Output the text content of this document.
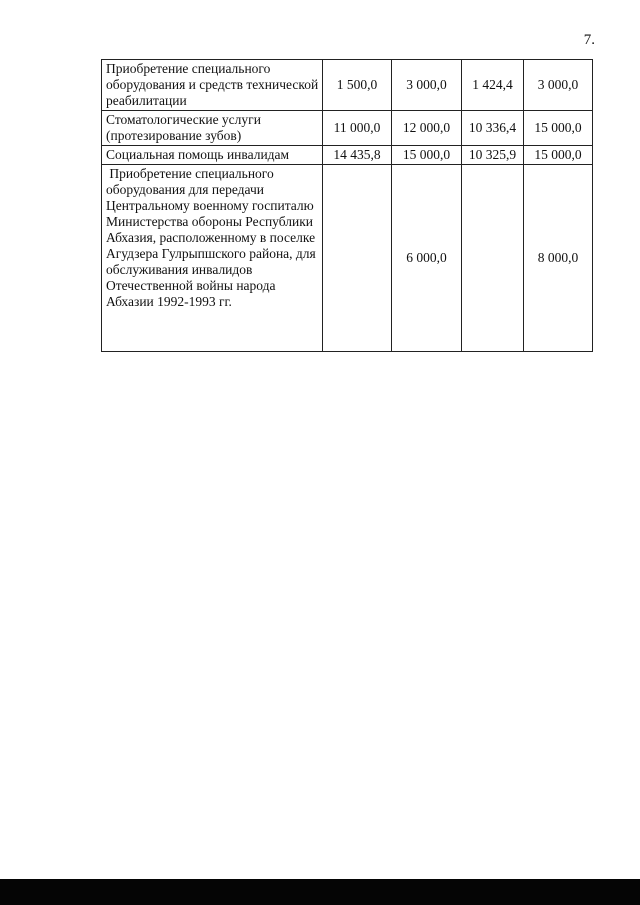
7.
Приобретение специального оборудования и средств технической реабилитации	1 500,0	3 000,0	1 424,4	3 000,0
Стоматологические услуги (протезирование зубов)	11 000,0	12 000,0	10 336,4	15 000,0
Социальная помощь инвалидам	14 435,8	15 000,0	10 325,9	15 000,0
Приобретение специального оборудования для передачи Центральному военному госпиталю Министерства обороны Республики Абхазия, расположенному в поселке Агудзера Гулрыпшского района, для обслуживания инвалидов Отечественной войны народа Абхазии 1992-1993 гг.		6 000,0		8 000,0
